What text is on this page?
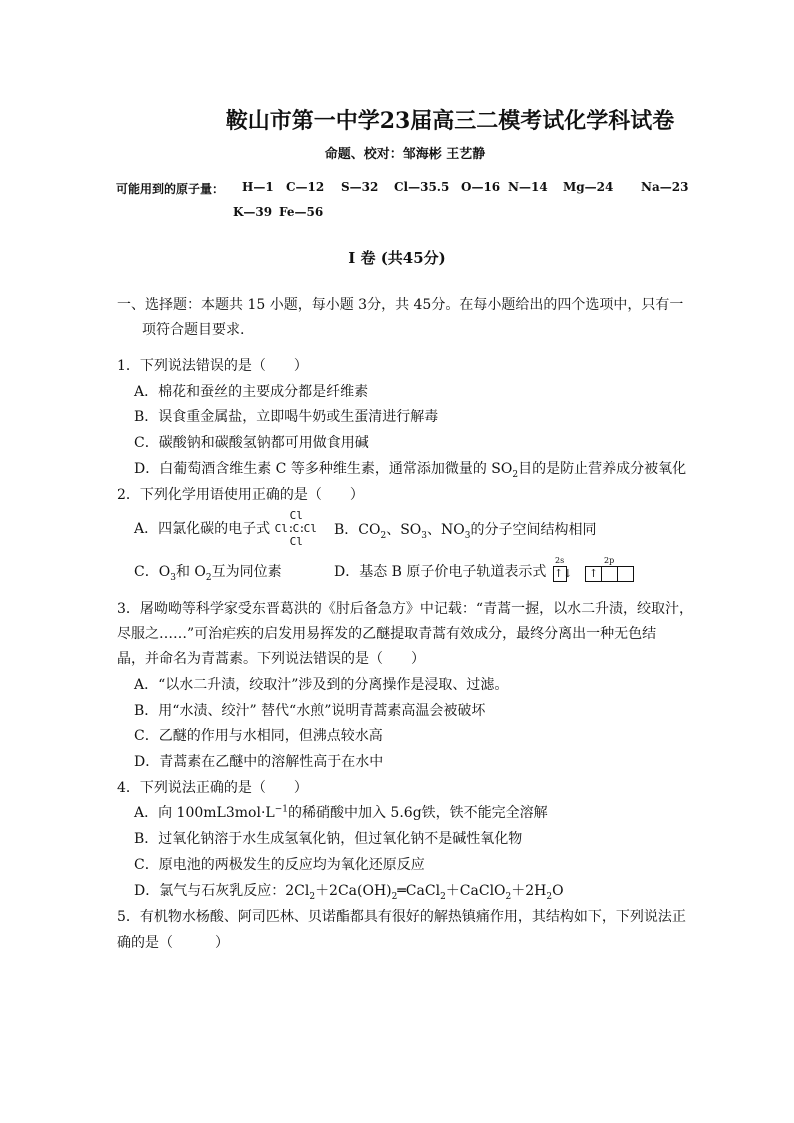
鞍山市第一中学23届高三二模考试化学科试卷
命题、校对：邹海彬 王艺静
可能用到的原子量： H—1 C—12 S—32 Cl—35.5 O—16 N—14 Mg—24 Na—23
K—39 Fe—56
I 卷 (共45分)
一、选择题：本题共 15 小题，每小题 3分，共 45分。在每小题给出的四个选项中，只有一
项符合题目要求.
1．下列说法错误的是（　　）
A．棉花和蚕丝的主要成分都是纤维素
B．误食重金属盐，立即喝牛奶或生蛋清进行解毒
C．碳酸钠和碳酸氢钠都可用做食用碱
D．白葡萄酒含维生素 C 等多种维生素，通常添加微量的 $SO_2$目的是防止营养成分被氧化
2．下列化学用语使用正确的是（　　）
A．四氯化碳的电子式
Cl
Cl :
C :
Cl
Cl
B．$CO_2$、$SO_3$、$NO_3$的分子空间结构相同
C．$O_3$和 $O_2$互为同位素	D．基态 B 原子价电子轨道表示式
2s	2p
↑↓	↑
3．屠呦呦等科学家受东晋葛洪的《肘后备急方》中记载：“青蒿一握，以水二升渍，绞取汁，
尽服之……”可治疟疾的启发用易挥发的乙醚提取青蒿有效成分，最终分离出一种无色结
晶，并命名为青蒿素。下列说法错误的是（　　）
A．“以水二升渍，绞取汁”涉及到的分离操作是浸取、过滤。
B．用“水渍、绞汁” 替代“水煎”说明青蒿素高温会被破坏
C．乙醚的作用与水相同，但沸点较水高
D．青蒿素在乙醚中的溶解性高于在水中
4．下列说法正确的是（　　）
A．向 $100mL3mol\cdot L^{-1}$的稀硝酸中加入 5.6g铁，铁不能完全溶解
B．过氧化钠溶于水生成氢氧化钠，但过氧化钠不是碱性氧化物
C．原电池的两极发生的反应均为氧化还原反应
D．氯气与石灰乳反应：$2Cl_2+2Ca(OH)_2═CaCl_2+CaClO_2+2H_2O$
5．有机物水杨酸、阿司匹林、贝诺酯都具有很好的解热镇痛作用，其结构如下，下列说法正
确的是（　　　）
